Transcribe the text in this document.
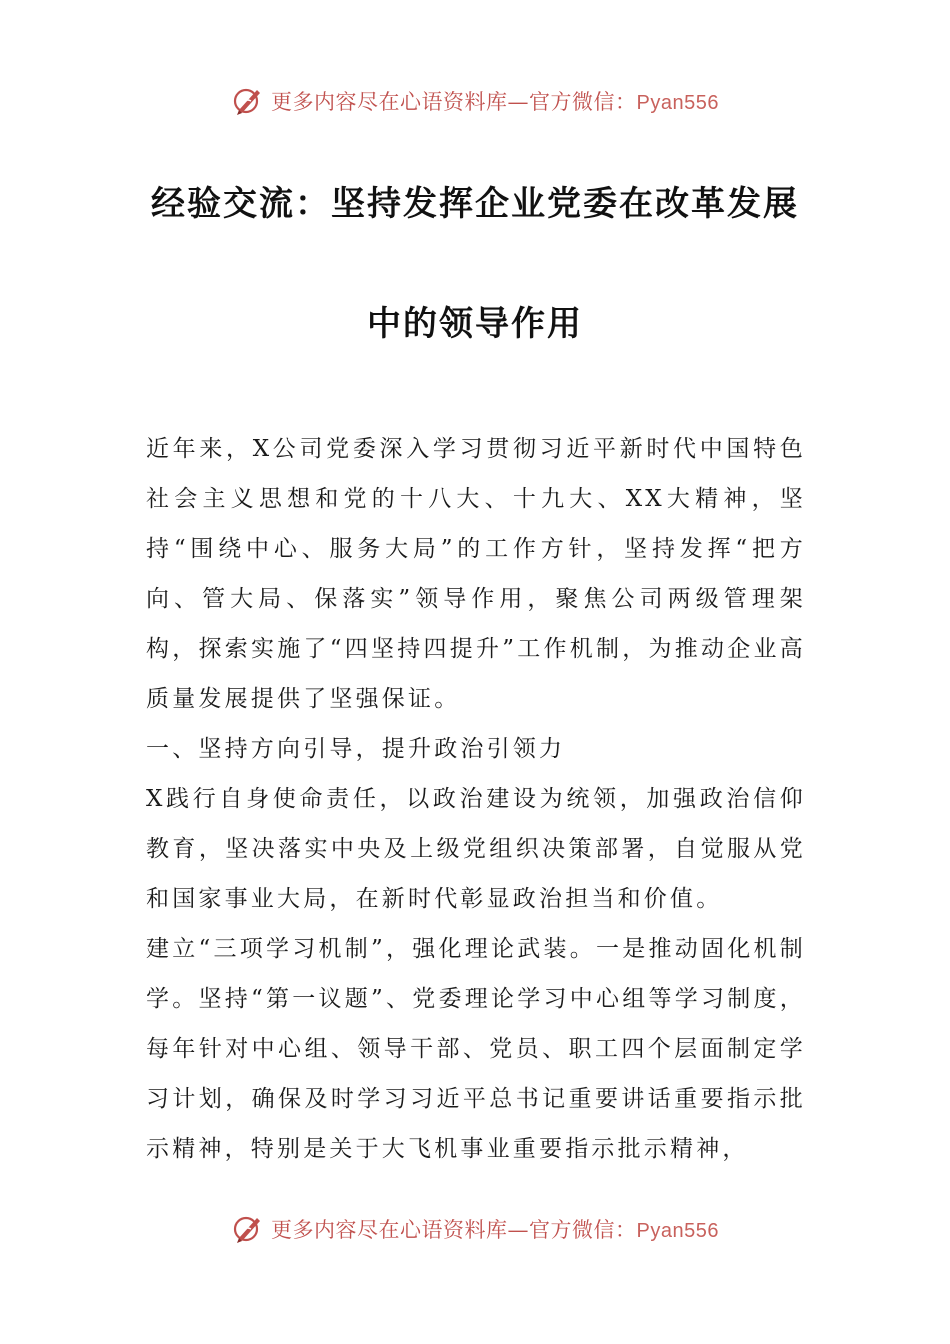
更多内容尽在心语资料库—官方微信：Pyan556
经验交流：坚持发挥企业党委在改革发展
中的领导作用

近年来，X公司党委深入学习贯彻习近平新时代中国特色社会主义思想和党的十八大、十九大、XX大精神，坚持“围绕中心、服务大局”的工作方针，坚持发挥“把方向、管大局、保落实”领导作用，聚焦公司两级管理架构，探索实施了“四坚持四提升”工作机制，为推动企业高质量发展提供了坚强保证。

一、坚持方向引导，提升政治引领力

X践行自身使命责任，以政治建设为统领，加强政治信仰教育，坚决落实中央及上级党组织决策部署，自觉服从党和国家事业大局，在新时代彰显政治担当和价值。

建立“三项学习机制”，强化理论武装。一是推动固化机制学。坚持“第一议题”、党委理论学习中心组等学习制度，每年针对中心组、领导干部、党员、职工四个层面制定学习计划，确保及时学习习近平总书记重要讲话重要指示批示精神，特别是关于大飞机事业重要指示批示精神，

更多内容尽在心语资料库—官方微信：Pyan556
